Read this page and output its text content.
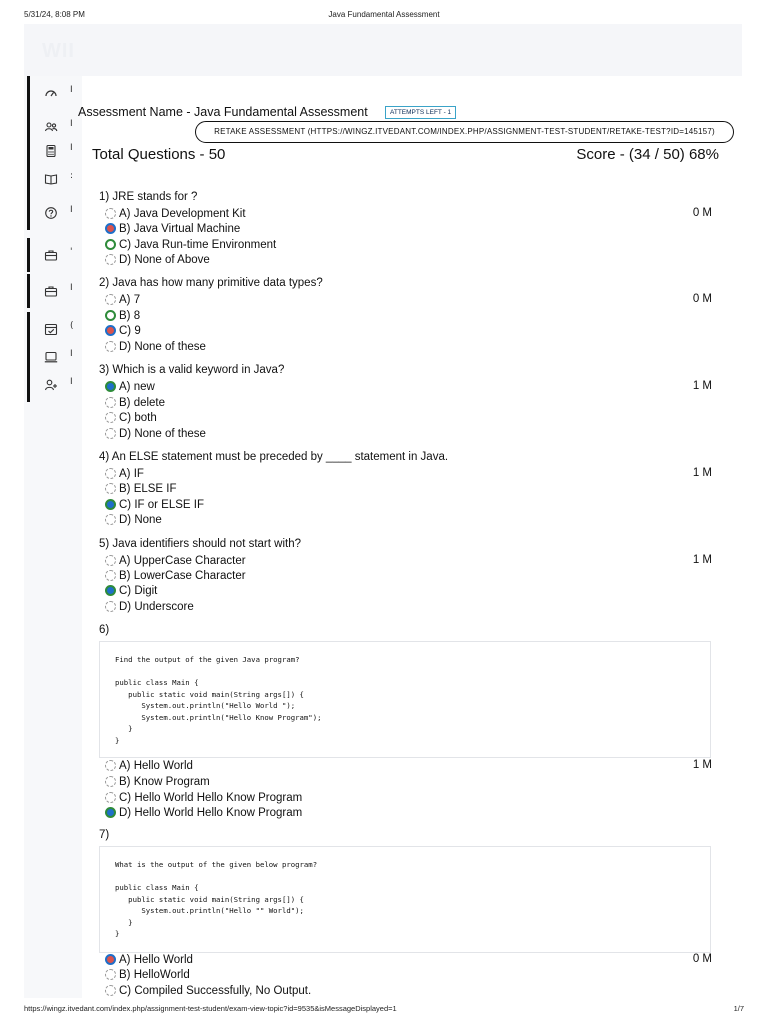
5/31/24, 8:08 PM	Java Fundamental Assessment
WII
I
I
I
:
I
'
I
(
I
I
Assessment Name - Java Fundamental Assessment	ATTEMPTS LEFT - 1
RETAKE ASSESSMENT (HTTPS://WINGZ.ITVEDANT.COM/INDEX.PHP/ASSIGNMENT-TEST-STUDENT/RETAKE-TEST?ID=145157)
Total Questions - 50	Score - (34 / 50) 68%
1) JRE stands for ?
0 M
A) Java Development Kit
B) Java Virtual Machine
C) Java Run-time Environment
D) None of Above
2) Java has how many primitive data types?
0 M
A) 7
B) 8
C) 9
D) None of these
3) Which is a valid keyword in Java?
1 M
A) new
B) delete
C) both
D) None of these
4) An ELSE statement must be preceded by ____ statement in Java.
1 M
A) IF
B) ELSE IF
C) IF or ELSE IF
D) None
5) Java identifiers should not start with?
1 M
A) UpperCase Character
B) LowerCase Character
C) Digit
D) Underscore
6)
1 M
Find the output of the given Java program?

public class Main {
public static void main(String args[]) {
System.out.println("Hello World ");
System.out.println("Hello Know Program");
}
}
A) Hello World
B) Know Program
C) Hello World Hello Know Program
D) Hello World Hello Know Program
7)
0 M
What is the output of the given below program?

public class Main {
public static void main(String args[]) {
System.out.println("Hello "" World");
}
}
A) Hello World
B) HelloWorld
C) Compiled Successfully, No Output.
https://wingz.itvedant.com/index.php/assignment-test-student/exam-view-topic?id=9535&isMessageDisplayed=1	1/7
